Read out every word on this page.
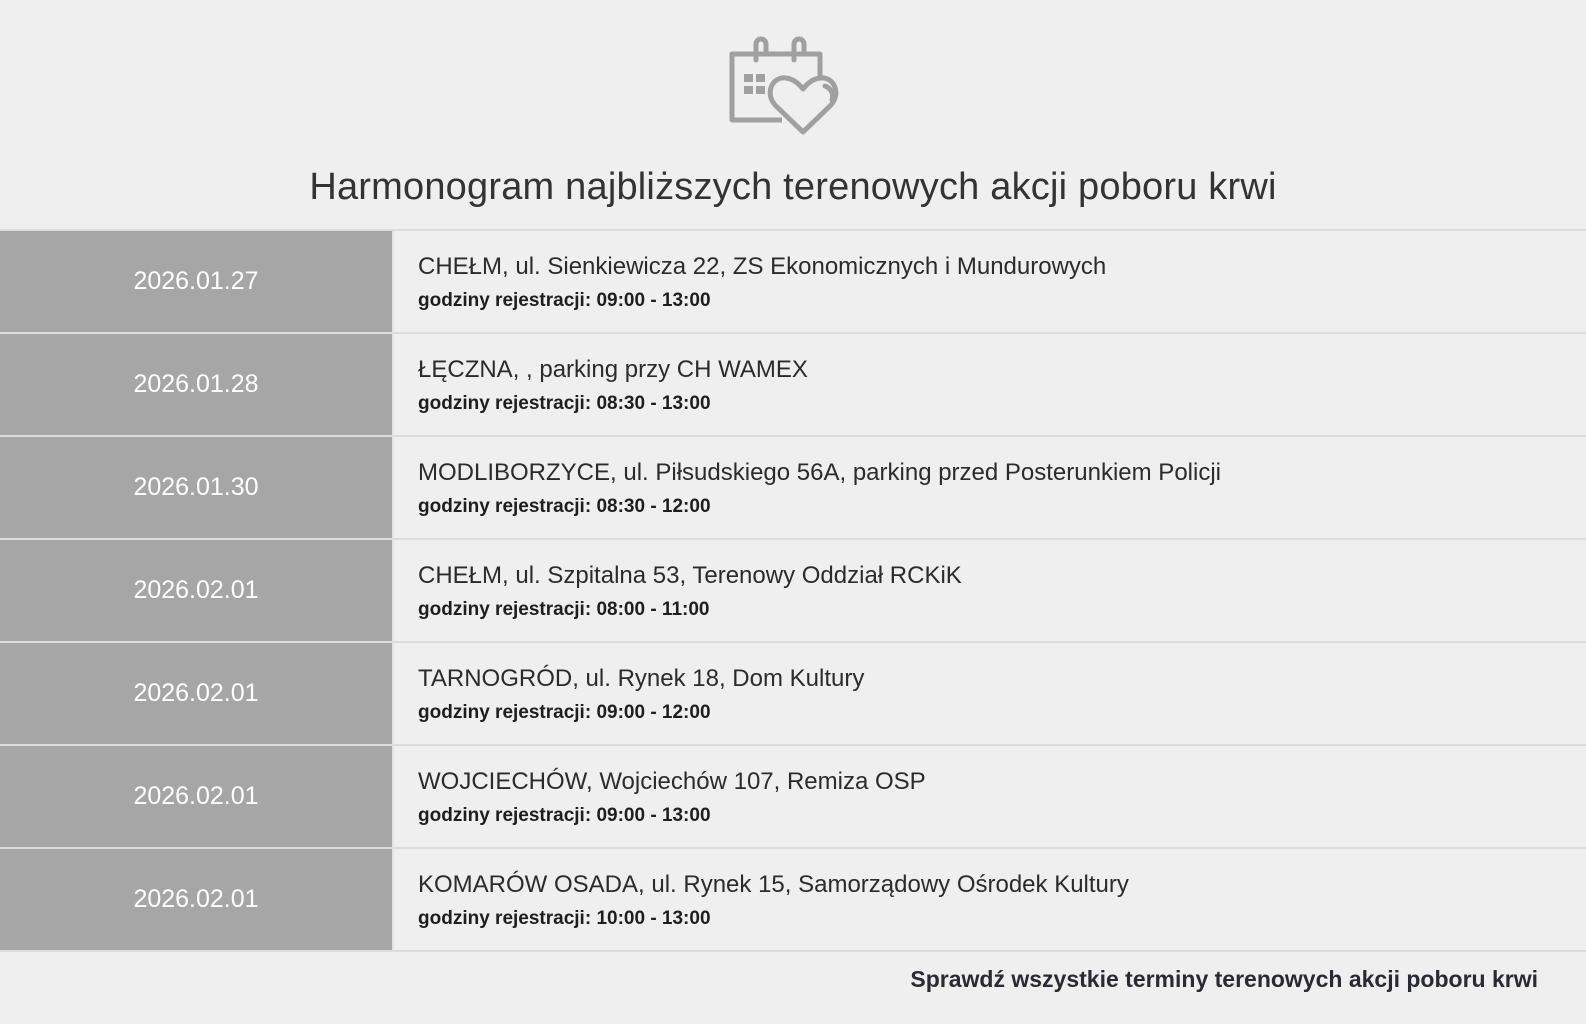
Harmonogram najbliższych terenowych akcji poboru krwi
2026.01.27
CHEŁM, ul. Sienkiewicza 22, ZS Ekonomicznych i Mundurowych
godziny rejestracji: 09:00 - 13:00
2026.01.28
ŁĘCZNA, , parking przy CH WAMEX
godziny rejestracji: 08:30 - 13:00
2026.01.30
MODLIBORZYCE, ul. Piłsudskiego 56A, parking przed Posterunkiem Policji
godziny rejestracji: 08:30 - 12:00
2026.02.01
CHEŁM, ul. Szpitalna 53, Terenowy Oddział RCKiK
godziny rejestracji: 08:00 - 11:00
2026.02.01
TARNOGRÓD, ul. Rynek 18, Dom Kultury
godziny rejestracji: 09:00 - 12:00
2026.02.01
WOJCIECHÓW, Wojciechów 107, Remiza OSP
godziny rejestracji: 09:00 - 13:00
2026.02.01
KOMARÓW OSADA, ul. Rynek 15, Samorządowy Ośrodek Kultury
godziny rejestracji: 10:00 - 13:00
Sprawdź wszystkie terminy terenowych akcji poboru krwi
